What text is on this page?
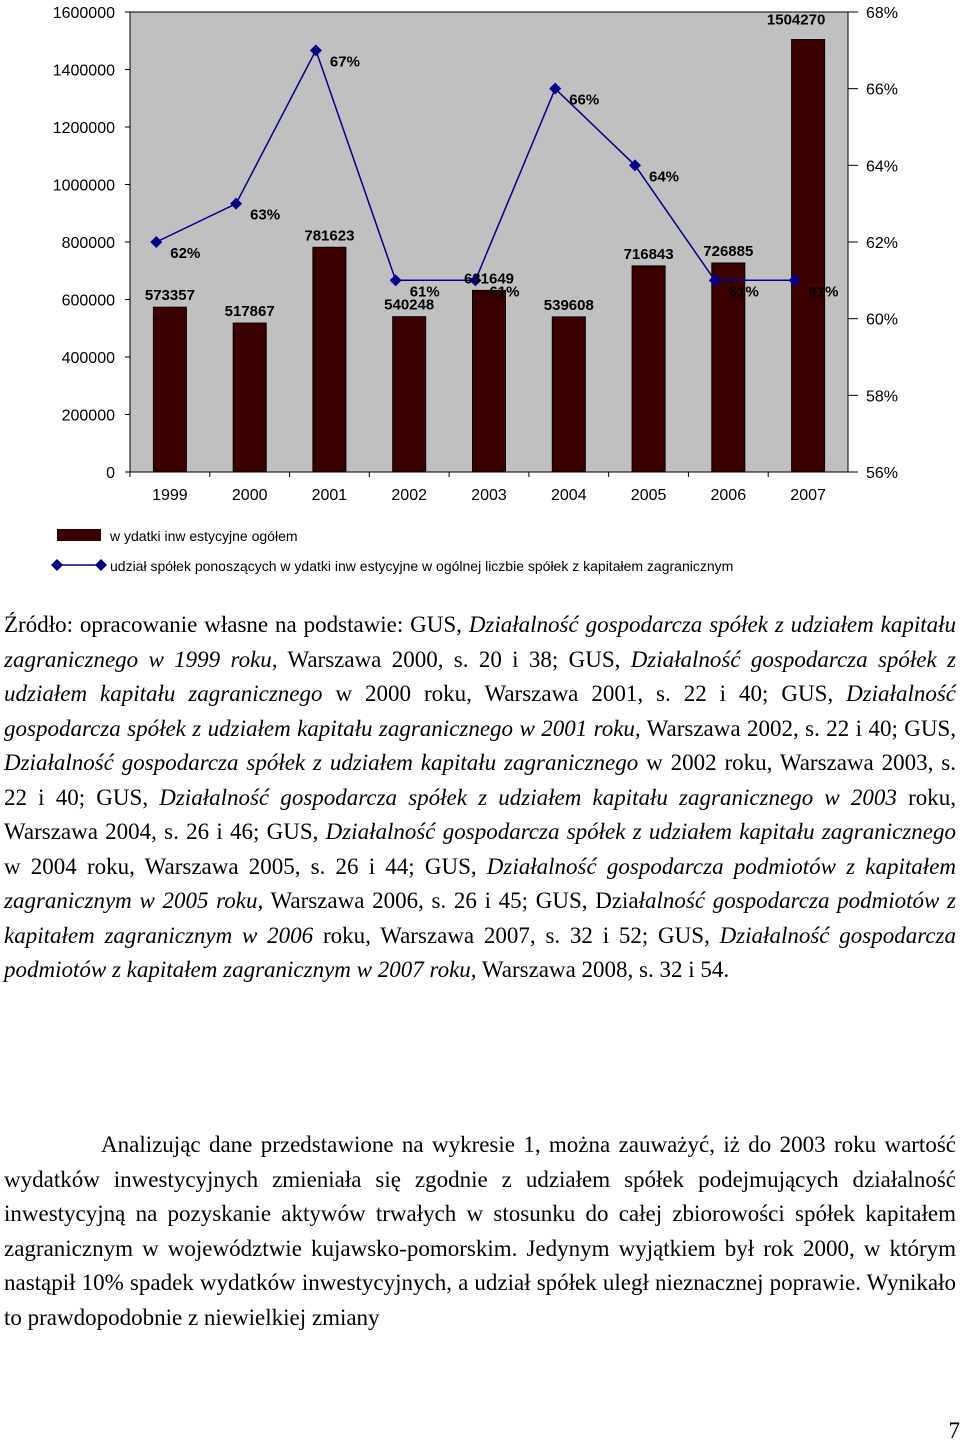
573357
517867
781623
540248
631649
539608
716843 726885
1504270
62%
63%
67%
61%	61%
66%
64%
61%	61%
0
200000
400000
600000
800000
1000000
1200000
1400000
1600000
56%
58%
60%
62%
64%
66%
68%
1999	2000	2001	2002	2003	2004	2005	2006	2007
w ydatki inw estycyjne ogółem
udział spółek ponoszących w ydatki inw estycyjne w ogólnej liczbie spółek z kapitałem zagranicznym

Źródło: opracowanie własne na podstawie: GUS, Działalność gospodarcza spółek z udziałem kapitału zagranicznego w 1999 roku, Warszawa 2000, s. 20 i 38; GUS, Działalność gospodarcza spółek z udziałem kapitału zagranicznego w 2000 roku, Warszawa 2001, s. 22 i 40; GUS, Działalność gospodarcza spółek z udziałem kapitału zagranicznego w 2001 roku, Warszawa 2002, s. 22 i 40; GUS, Działalność gospodarcza spółek z udziałem kapitału zagranicznego w 2002 roku, Warszawa 2003, s. 22 i 40; GUS, Działalność gospodarcza spółek z udziałem kapitału zagranicznego w 2003 roku, Warszawa 2004, s. 26 i 46; GUS, Działalność gospodarcza spółek z udziałem kapitału zagranicznego w 2004 roku, Warszawa 2005, s. 26 i 44; GUS, Działalność gospodarcza podmiotów z kapitałem zagranicznym w 2005 roku, Warszawa 2006, s. 26 i 45; GUS, Działalność gospodarcza podmiotów z kapitałem zagranicznym w 2006 roku, Warszawa 2007, s. 32 i 52; GUS, Działalność gospodarcza podmiotów z kapitałem zagranicznym w 2007 roku, Warszawa 2008, s. 32 i 54.

Analizując dane przedstawione na wykresie 1, można zauważyć, iż do 2003 roku wartość wydatków inwestycyjnych zmieniała się zgodnie z udziałem spółek podejmujących działalność inwestycyjną na pozyskanie aktywów trwałych w stosunku do całej zbiorowości spółek kapitałem zagranicznym w województwie kujawsko-pomorskim. Jedynym wyjątkiem był rok 2000, w którym nastąpił 10% spadek wydatków inwestycyjnych, a udział spółek uległ nieznacznej poprawie. Wynikało to prawdopodobnie z niewielkiej zmiany

7
